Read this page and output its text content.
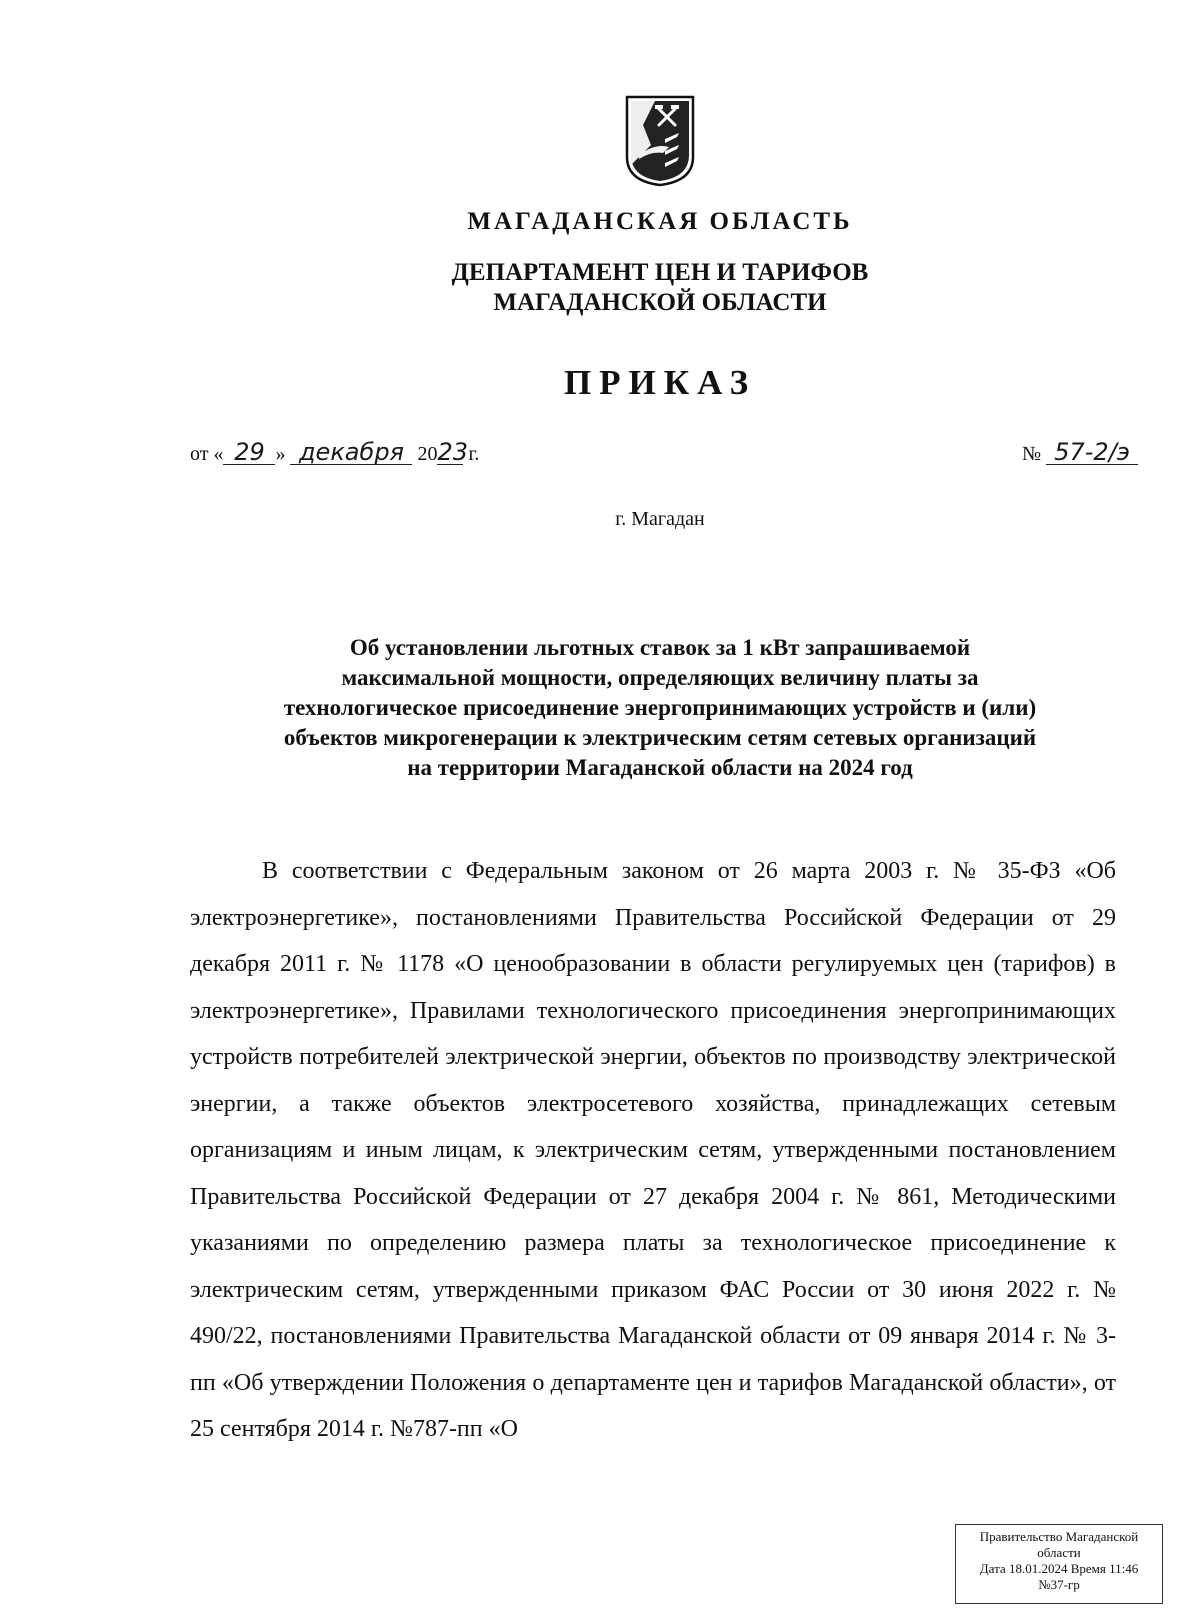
МАГАДАНСКАЯ ОБЛАСТЬ
ДЕПАРТАМЕНТ ЦЕН И ТАРИФОВ
МАГАДАНСКОЙ ОБЛАСТИ
ПРИКАЗ
от « 29 » декабря 2023 г.	№ 57-2/э
г. Магадан
Об установлении льготных ставок за 1 кВт запрашиваемой
максимальной мощности, определяющих величину платы за
технологическое присоединение энергопринимающих устройств и (или)
объектов микрогенерации к электрическим сетям сетевых организаций
на территории Магаданской области на 2024 год
В соответствии с Федеральным законом от 26 марта 2003 г. № 35-ФЗ «Об электроэнергетике», постановлениями Правительства Российской Федерации от 29 декабря 2011 г. № 1178 «О ценообразовании в области регулируемых цен (тарифов) в электроэнергетике», Правилами технологического присоединения энергопринимающих устройств потребителей электрической энергии, объектов по производству электрической энергии, а также объектов электросетевого хозяйства, принадлежащих сетевым организациям и иным лицам, к электрическим сетям, утвержденными постановлением Правительства Российской Федерации от 27 декабря 2004 г. № 861, Методическими указаниями по определению размера платы за технологическое присоединение к электрическим сетям, утвержденными приказом ФАС России от 30 июня 2022 г. № 490/22, постановлениями Правительства Магаданской области от 09 января 2014 г. № 3-пп «Об утверждении Положения о департаменте цен и тарифов Магаданской области», от 25 сентября 2014 г. №787-пп «О
Правительство Магаданской
области
Дата 18.01.2024 Время 11:46
№37-гр
